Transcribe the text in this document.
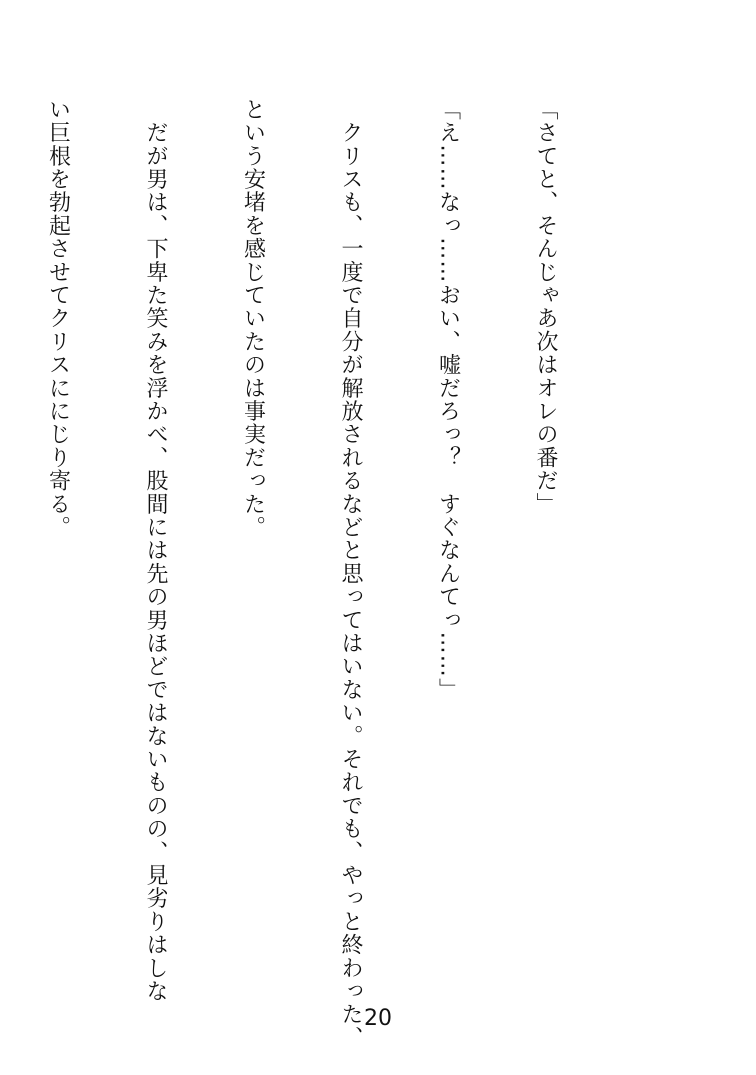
「さてと、そんじゃあ次はオレの番だ」

「え……なっ……おい、嘘だろっ？　すぐなんてっ……」

　クリスも、一度で自分が解放されるなどと思ってはいない。それでも、やっと終わった、

という安堵を感じていたのは事実だった。

　だが男は、下卑た笑みを浮かべ、股間には先の男ほどではないものの、見劣りはしな

い巨根を勃起させてクリスににじり寄る。

20
